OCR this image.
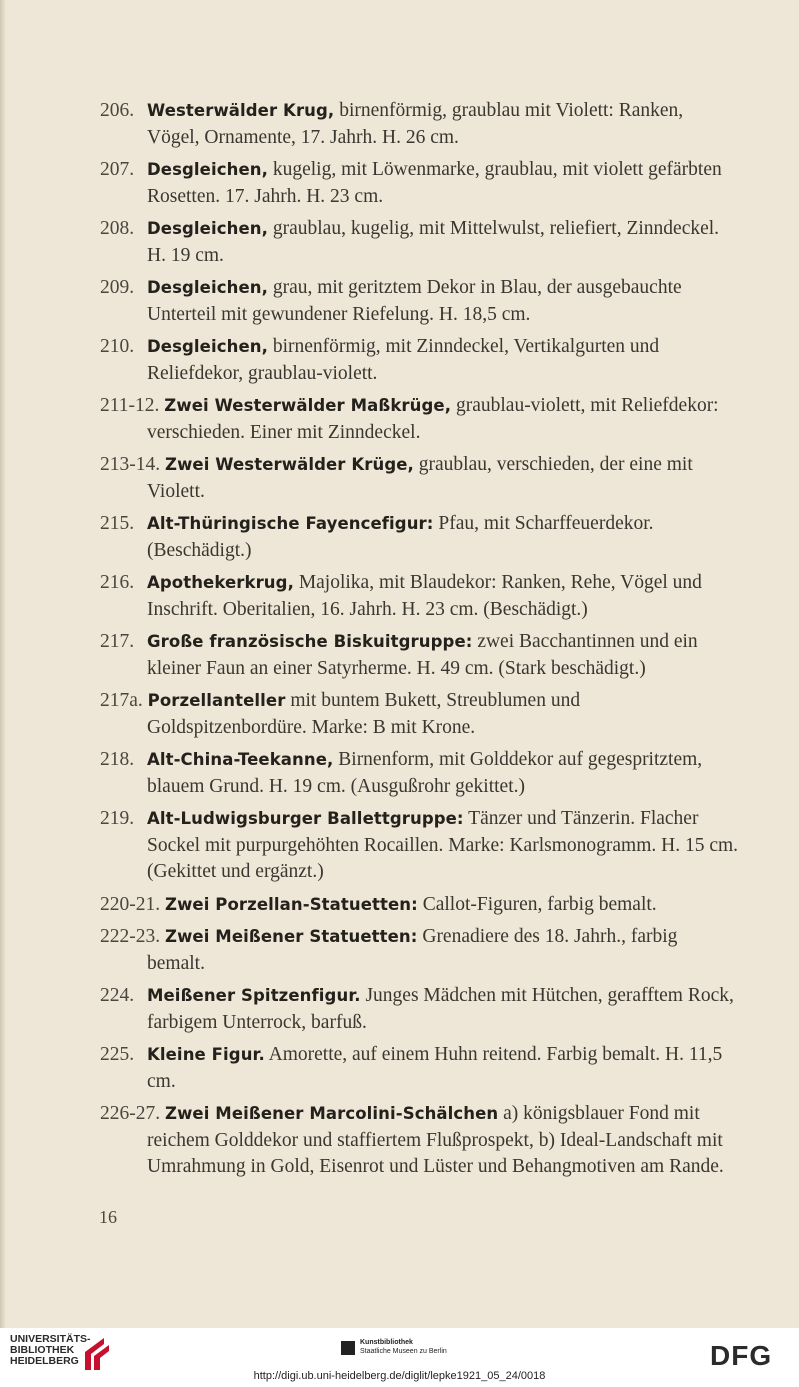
206. Westerwälder Krug, birnenförmig, graublau mit Violett: Ranken, Vögel, Ornamente, 17. Jahrh. H. 26 cm.
207. Desgleichen, kugelig, mit Löwenmarke, graublau, mit violett gefärbten Rosetten. 17. Jahrh. H. 23 cm.
208. Desgleichen, graublau, kugelig, mit Mittelwulst, reliefiert, Zinndeckel. H. 19 cm.
209. Desgleichen, grau, mit geritztem Dekor in Blau, der ausgebauchte Unterteil mit gewundener Riefelung. H. 18,5 cm.
210. Desgleichen, birnenförmig, mit Zinndeckel, Vertikalgurten und Reliefdekor, graublau-violett.
211-12. Zwei Westerwälder Maßkrüge, graublau-violett, mit Reliefdekor: verschieden. Einer mit Zinndeckel.
213-14. Zwei Westerwälder Krüge, graublau, verschieden, der eine mit Violett.
215. Alt-Thüringische Fayencefigur: Pfau, mit Scharffeuerdekor. (Beschädigt.)
216. Apothekerkrug, Majolika, mit Blaudekor: Ranken, Rehe, Vögel und Inschrift. Oberitalien, 16. Jahrh. H. 23 cm. (Beschädigt.)
217. Große französische Biskuitgruppe: zwei Bacchantinnen und ein kleiner Faun an einer Satyrherme. H. 49 cm. (Stark beschädigt.)
217a. Porzellanteller mit buntem Bukett, Streublumen und Goldspitzenbordüre. Marke: B mit Krone.
218. Alt-China-Teekanne, Birnenform, mit Golddekor auf gegespritztem, blauem Grund. H. 19 cm. (Ausgußrohr gekittet.)
219. Alt-Ludwigsburger Ballettgruppe: Tänzer und Tänzerin. Flacher Sockel mit purpurgehöhten Rocaillen. Marke: Karlsmonogramm. H. 15 cm. (Gekittet und ergänzt.)
220-21. Zwei Porzellan-Statuetten: Callot-Figuren, farbig bemalt.
222-23. Zwei Meißener Statuetten: Grenadiere des 18. Jahrh., farbig bemalt.
224. Meißener Spitzenfigur. Junges Mädchen mit Hütchen, gerafftem Rock, farbigem Unterrock, barfuß.
225. Kleine Figur. Amorette, auf einem Huhn reitend. Farbig bemalt. H. 11,5 cm.
226-27. Zwei Meißener Marcolini-Schälchen a) königsblauer Fond mit reichem Golddekor und staffiertem Flußprospekt, b) Ideal-Landschaft mit Umrahmung in Gold, Eisenrot und Lüster und Behangmotiven am Rande.
16
UNIVERSITÄTS-
BIBLIOTHEK
HEIDELBERG
Kunstbibliothek
Staatliche Museen zu Berlin
http://digi.ub.uni-heidelberg.de/diglit/lepke1921_05_24/0018
DFG
